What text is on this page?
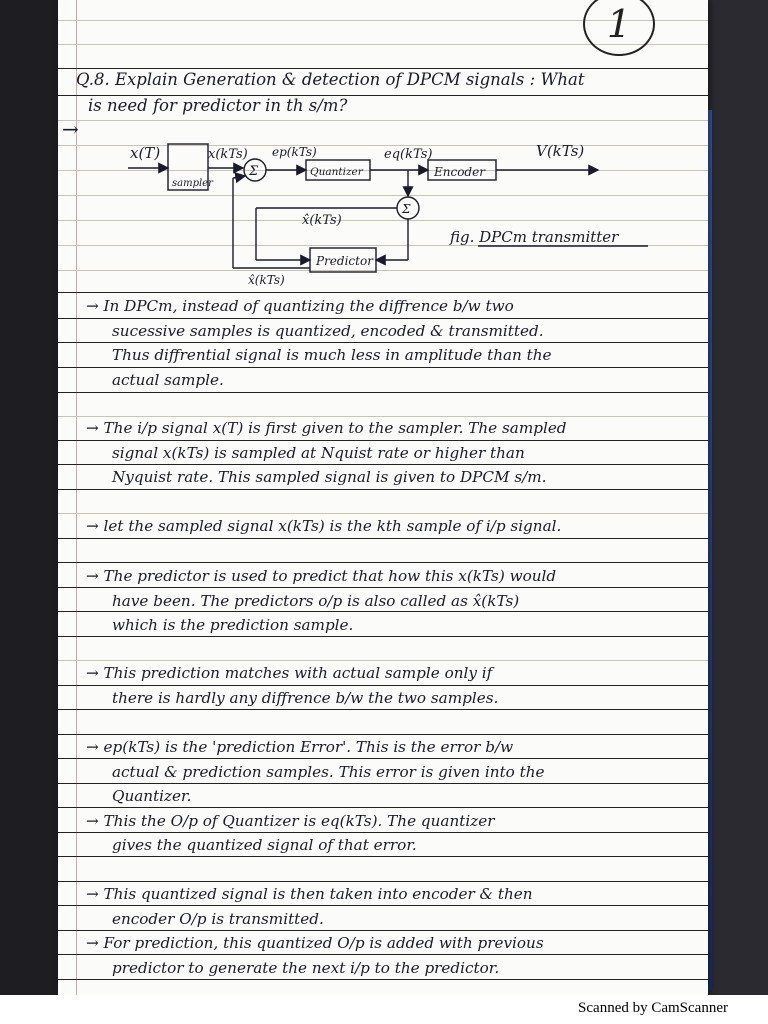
1
Q.8. Explain Generation & detection of DPCM signals : What
is need for predictor in th s/m?
→
x(T)
sampler
x(kTs)
Σ
ep(kTs)
Quantizer
eq(kTs)
Encoder
V(kTs)
Σ
x̂(kTs)
Predictor
x̂(kTs)
fig. DPCm transmitter
→ In DPCm, instead of quantizing the diffrence b/w two
sucessive samples is quantized, encoded & transmitted.
Thus diffrential signal is much less in amplitude than the
actual sample.
→ The i/p signal x(T) is first given to the sampler. The sampled
signal x(kTs) is sampled at Nquist rate or higher than
Nyquist rate. This sampled signal is given to DPCM s/m.
→ let the sampled signal x(kTs) is the kth sample of i/p signal.
→ The predictor is used to predict that how this x(kTs) would
have been. The predictors o/p is also called as x̂(kTs)
which is the prediction sample.
→ This prediction matches with actual sample only if
there is hardly any diffrence b/w the two samples.
→ ep(kTs) is the 'prediction Error'. This is the error b/w
actual & prediction samples. This error is given into the
Quantizer.
→ This the O/p of Quantizer is eq(kTs). The quantizer
gives the quantized signal of that error.
→ This quantized signal is then taken into encoder & then
encoder O/p is transmitted.
→ For prediction, this quantized O/p is added with previous
predictor to generate the next i/p to the predictor.
Scanned by CamScanner
